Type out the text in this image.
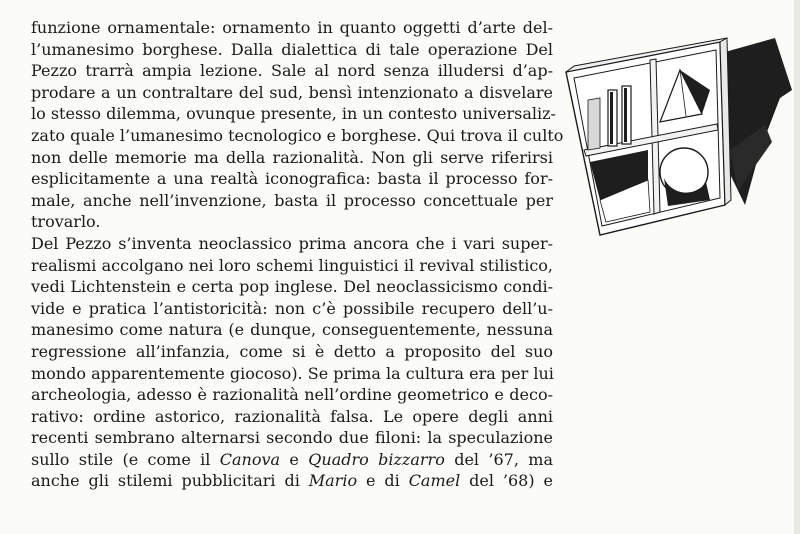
funzione ornamentale: ornamento in quanto oggetti d’arte del-
l’umanesimo borghese. Dalla dialettica di tale operazione Del
Pezzo trarrà ampia lezione. Sale al nord senza illudersi d’ap-
prodare a un contraltare del sud, bensì intenzionato a disvelare
lo stesso dilemma, ovunque presente, in un contesto universaliz-
zato quale l’umanesimo tecnologico e borghese. Qui trova il culto
non delle memorie ma della razionalità. Non gli serve riferirsi
esplicitamente a una realtà iconografica: basta il processo for-
male, anche nell’invenzione, basta il processo concettuale per
trovarlo.
Del Pezzo s’inventa neoclassico prima ancora che i vari super-
realismi accolgano nei loro schemi linguistici il revival stilistico,
vedi Lichtenstein e certa pop inglese. Del neoclassicismo condi-
vide e pratica l’antistoricità: non c’è possibile recupero dell’u-
manesimo come natura (e dunque, conseguentemente, nessuna
regressione all’infanzia, come si è detto a proposito del suo
mondo apparentemente giocoso). Se prima la cultura era per lui
archeologia, adesso è razionalità nell’ordine geometrico e deco-
rativo: ordine astorico, razionalità falsa. Le opere degli anni
recenti sembrano alternarsi secondo due filoni: la speculazione
sullo stile (e come il Canova e Quadro bizzarro del ’67, ma
anche gli stilemi pubblicitari di Mario e di Camel del ’68) e
